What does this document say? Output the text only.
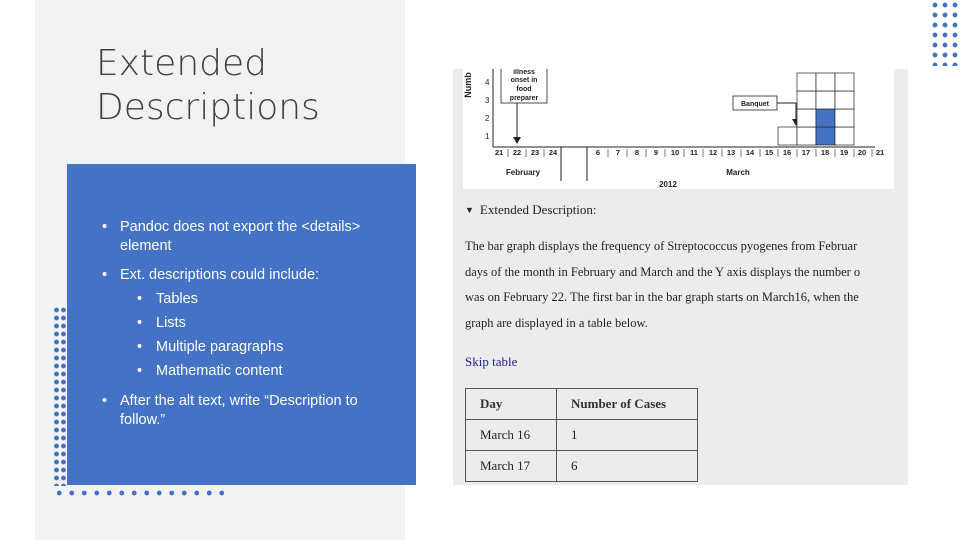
Extended Descriptions
• Pandoc does not export the <details> element
• Ext. descriptions could include:
• Tables
• Lists
• Multiple paragraphs
• Mathematic content
• After the alt text, write “Description to follow.”
Numb 4
3
2
1
illness
onset in
food
preparer
Banquet
21 22 23 24	6 7 8 9 10 11 12 13 14 15 16 17 18 19 20 21
February	March
2012
▼ Extended Description:

The bar graph displays the frequency of Streptococcus pyogenes from Februar

days of the month in February and March and the Y axis displays the number o

was on February 22. The first bar in the bar graph starts on March16, when the

graph are displayed in a table below.

Skip table
Day	Number of Cases
March 16	1
March 17	6
